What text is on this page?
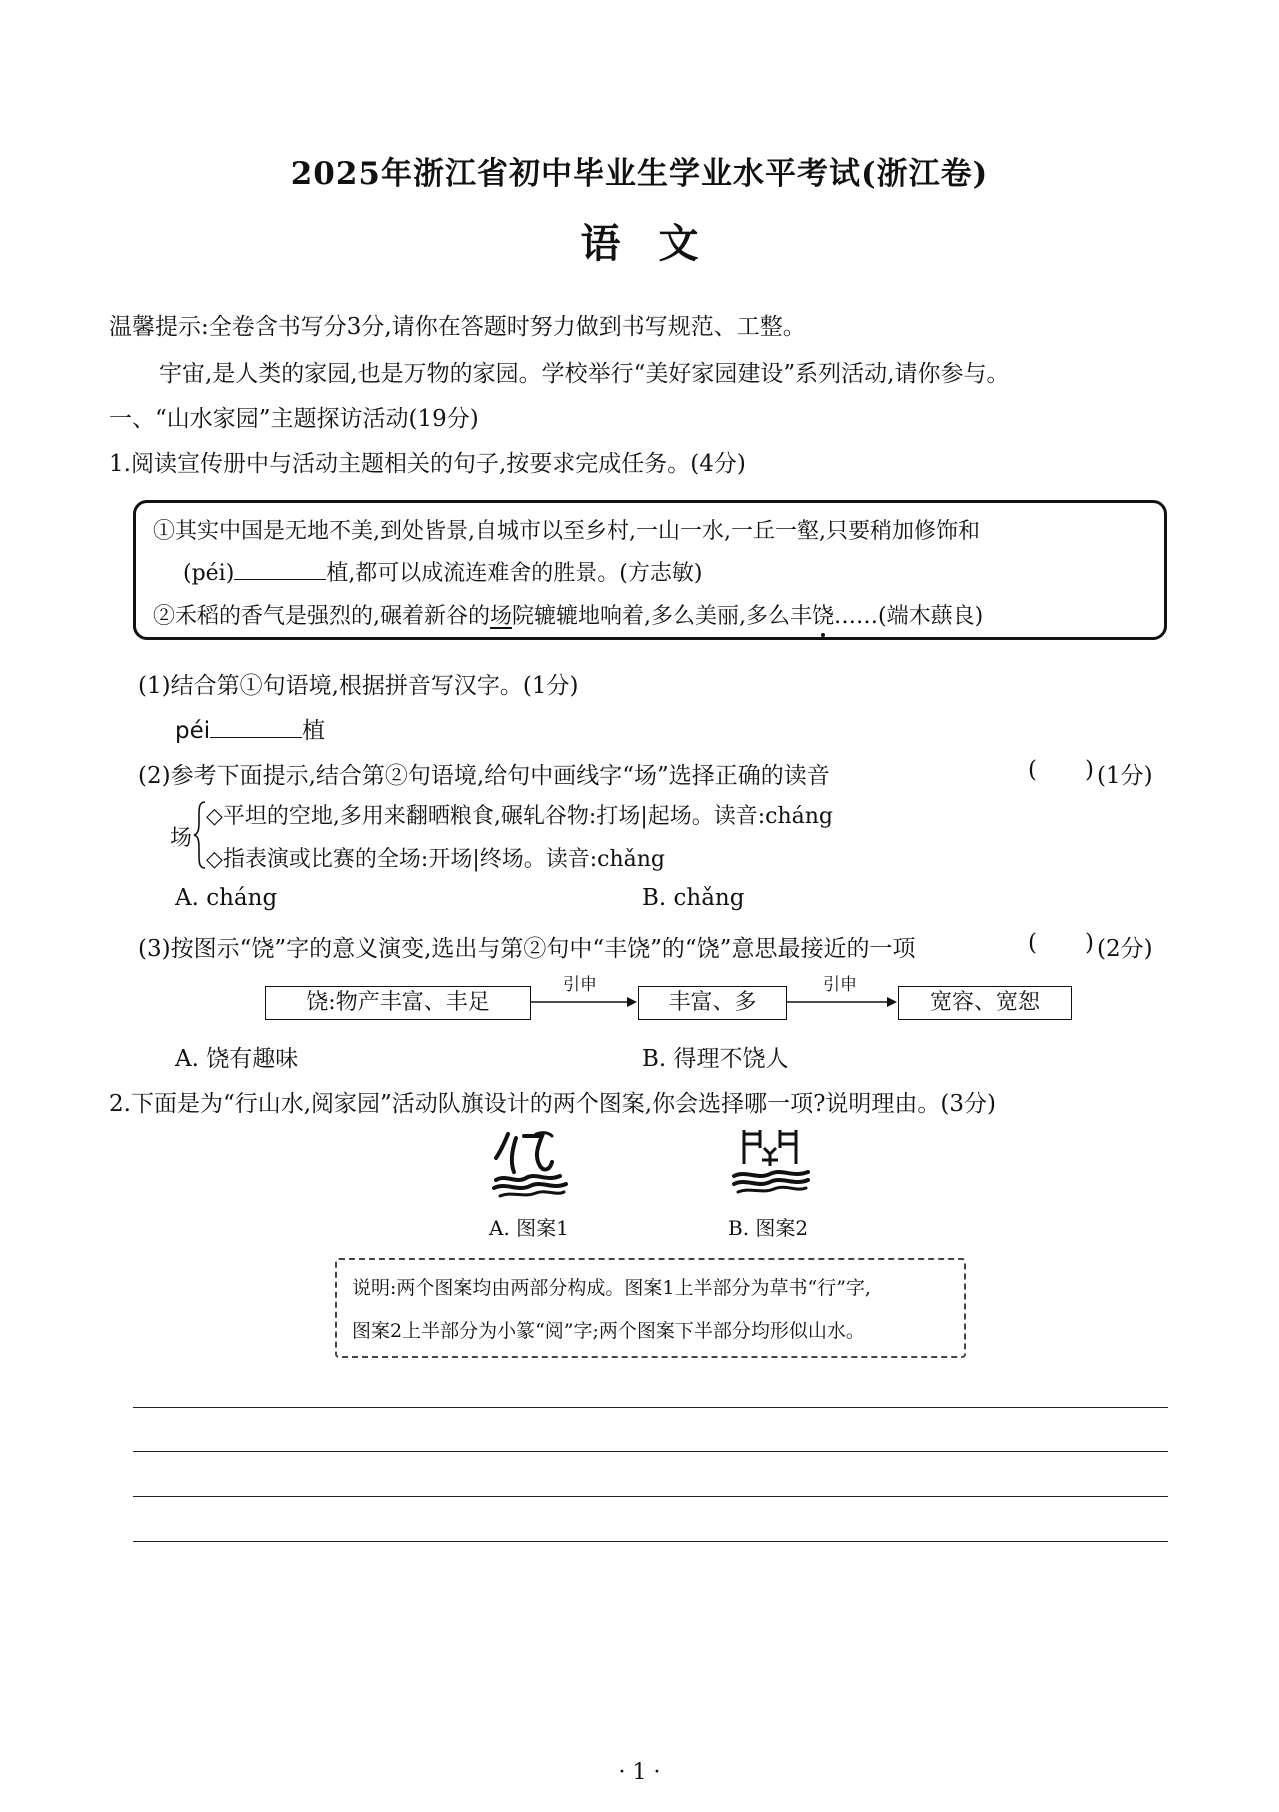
2025年浙江省初中毕业生学业水平考试(浙江卷)
语文
温馨提示:全卷含书写分3分,请你在答题时努力做到书写规范、工整。
宇宙,是人类的家园,也是万物的家园。学校举行“美好家园建设”系列活动,请你参与。
一、“山水家园”主题探访活动(19分)
1.阅读宣传册中与活动主题相关的句子,按要求完成任务。(4分)
①其实中国是无地不美,到处皆景,自城市以至乡村,一山一水,一丘一壑,只要稍加修饰和
(péi)	植,都可以成流连难舍的胜景。(方志敏)
②禾稻的香气是强烈的,碾着新谷的场院辘辘地响着,多么美丽,多么丰饶……(端木蕻良)
(1)结合第①句语境,根据拼音写汉字。(1分)
péi	植
(2)参考下面提示,结合第②句语境,给句中画线字“场”选择正确的读音	( ) (1分)
场
◇平坦的空地,多用来翻晒粮食,碾轧谷物:打场|起场。读音:cháng
◇指表演或比赛的全场:开场|终场。读音:chǎng
A. cháng	B. chǎng
(3)按图示“饶”字的意义演变,选出与第②句中“丰饶”的“饶”意思最接近的一项	( ) (2分)
饶:物产丰富、丰足	丰富、多	宽容、宽恕
引申	引申
A. 饶有趣味	B. 得理不饶人
2.下面是为“行山水,阅家园”活动队旗设计的两个图案,你会选择哪一项?说明理由。(3分)
A. 图案1	B. 图案2
说明:两个图案均由两部分构成。图案1上半部分为草书“行”字,
图案2上半部分为小篆“阅”字;两个图案下半部分均形似山水。
· 1 ·
